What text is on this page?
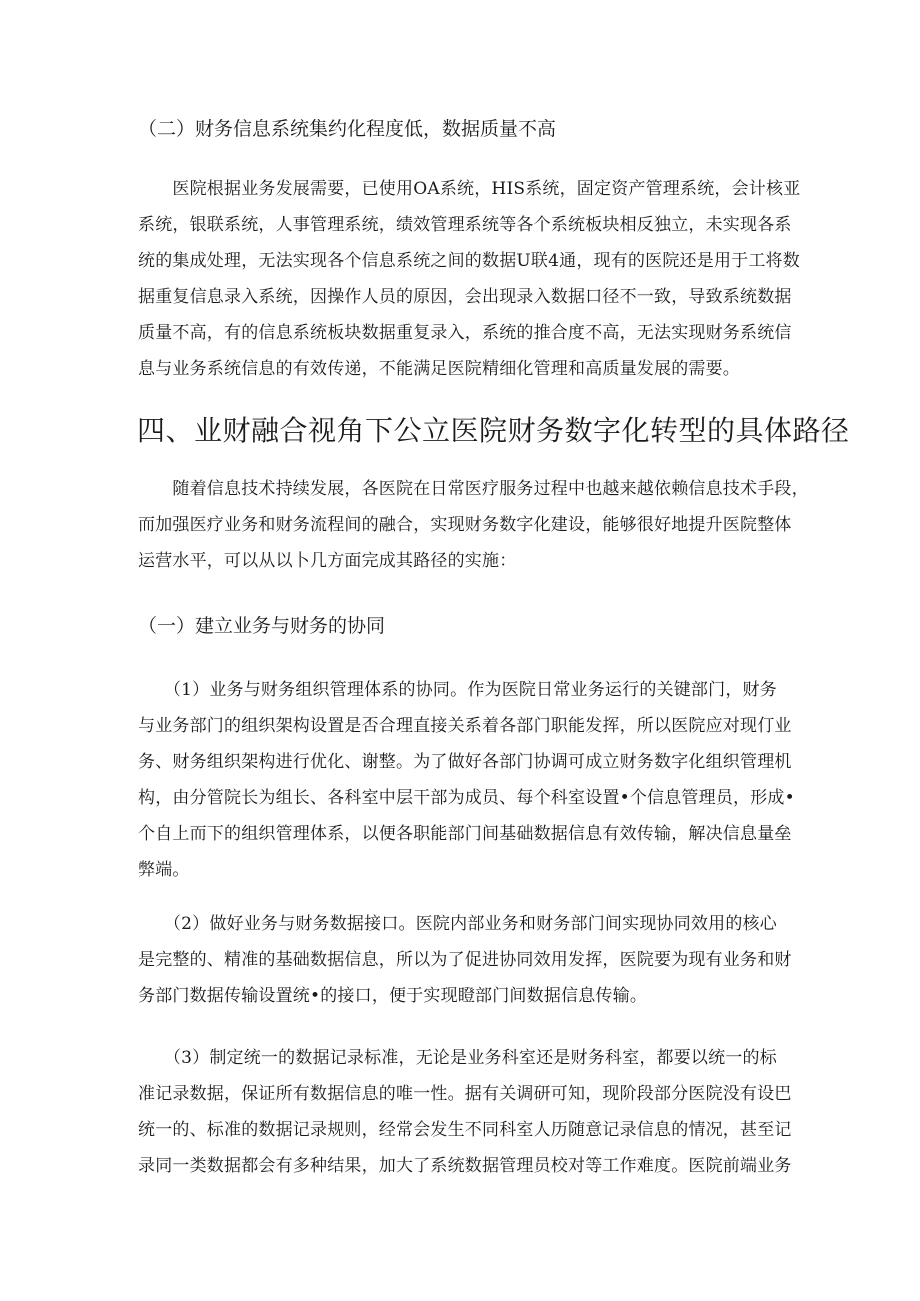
（二）财务信息系统集约化程度低，数据质量不高
　　医院根据业务发展需要，已使用OA系统，HIS系统，固定资产管理系统，会计核亚
系统，银联系统，人事管理系统，绩效管理系统等各个系统板块相反独立，未实现各系
统的集成处理，无法实现各个信息系统之间的数据U联4通，现有的医院还是用于工将数
据重复信息录入系统，因操作人员的原因，会出现录入数据口径不一致，导致系统数据
质量不高，有的信息系统板块数据重复录入，系统的推合度不高，无法实现财务系统信
息与业务系统信息的有效传递，不能满足医院精细化管理和高质量发展的需要。
四、业财融合视角下公立医院财务数字化转型的具体路径
　　随着信息技术持续发展，各医院在日常医疗服务过程中也越来越依赖信息技术手段，
而加强医疗业务和财务流程间的融合，实现财务数字化建设，能够很好地提升医院整体
运营水平，可以从以卜几方面完成其路径的实施：
（一）建立业务与财务的协同
　　（1）业务与财务组织管理体系的协同。作为医院日常业务运行的关键部门，财务
与业务部门的组织架构设置是否合理直接关系着各部门职能发挥，所以医院应对现仃业
务、财务组织架构进行优化、谢整。为了做好各部门协调可成立财务数字化组织管理机
构，由分管院长为组长、各科室中层干部为成员、每个科室设置•个信息管理员，形成•
个自上而下的组织管理体系，以便各职能部门间基础数据信息有效传输，解决信息量垒
弊端。
　　（2）做好业务与财务数据接口。医院内部业务和财务部门间实现协同效用的核心
是完整的、精准的基础数据信息，所以为了促进协同效用发挥，医院要为现有业务和财
务部门数据传输设置统•的接口，便于实现瞪部门间数据信息传输。
　　（3）制定统一的数据记录标准，无论是业务科室还是财务科室，都要以统一的标
准记录数据，保证所有数据信息的唯一性。据有关调研可知，现阶段部分医院没有设巴
统一的、标准的数据记录规则，经常会发生不同科室人历随意记录信息的情况，甚至记
录同一类数据都会有多种结果，加大了系统数据管理员校对等工作难度。医院前端业务
